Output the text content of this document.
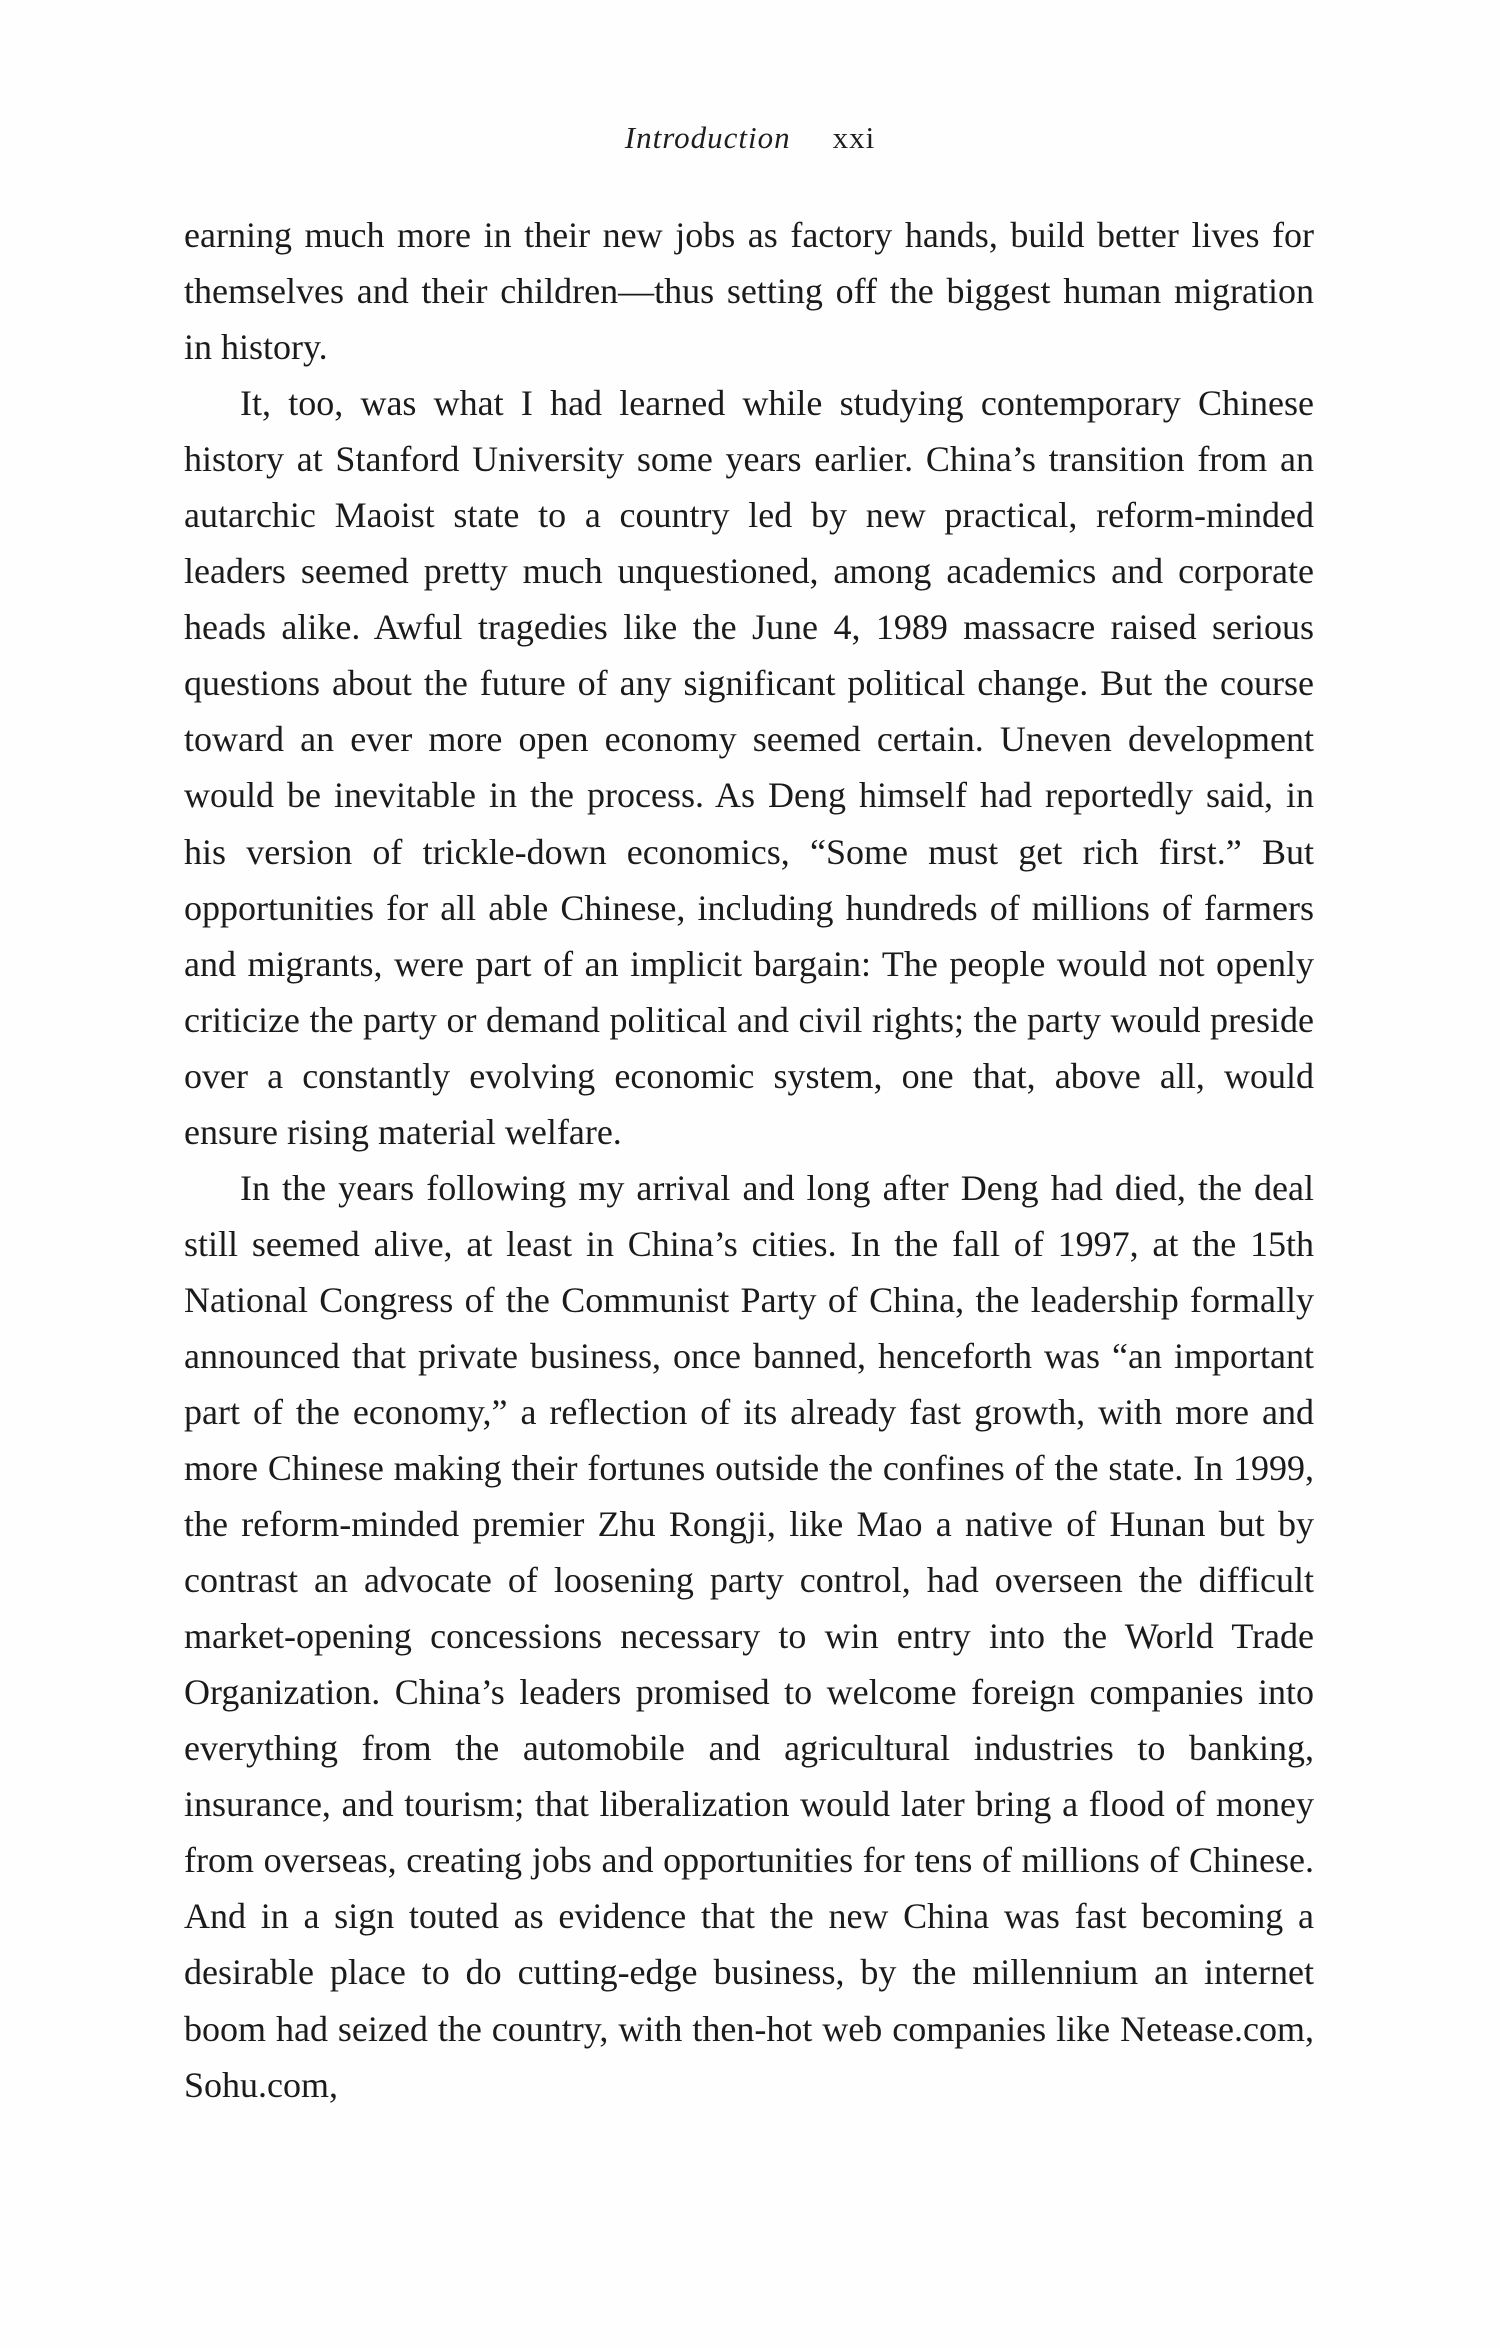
Introduction xxi

earning much more in their new jobs as factory hands, build better lives for themselves and their children—thus setting off the biggest human migration in history.

It, too, was what I had learned while studying contemporary Chinese history at Stanford University some years earlier. China’s transition from an autarchic Maoist state to a country led by new practical, reform-minded leaders seemed pretty much unquestioned, among academics and corporate heads alike. Awful tragedies like the June 4, 1989 massacre raised serious questions about the future of any significant political change. But the course toward an ever more open economy seemed certain. Uneven development would be inevitable in the process. As Deng himself had reportedly said, in his version of trickle-down economics, “Some must get rich first.” But opportunities for all able Chinese, including hundreds of millions of farmers and migrants, were part of an implicit bargain: The people would not openly criticize the party or demand political and civil rights; the party would preside over a constantly evolving economic system, one that, above all, would ensure rising material welfare.

In the years following my arrival and long after Deng had died, the deal still seemed alive, at least in China’s cities. In the fall of 1997, at the 15th National Congress of the Communist Party of China, the leadership formally announced that private business, once banned, henceforth was “an important part of the economy,” a reflection of its already fast growth, with more and more Chinese making their fortunes outside the confines of the state. In 1999, the reform-minded premier Zhu Rongji, like Mao a native of Hunan but by contrast an advocate of loosening party control, had overseen the difficult market-opening concessions necessary to win entry into the World Trade Organization. China’s leaders promised to welcome foreign companies into everything from the automobile and agricultural industries to banking, insurance, and tourism; that liberalization would later bring a flood of money from overseas, creating jobs and opportunities for tens of millions of Chinese. And in a sign touted as evidence that the new China was fast becoming a desirable place to do cutting-edge business, by the millennium an internet boom had seized the country, with then-hot web companies like Netease.com, Sohu.com,
